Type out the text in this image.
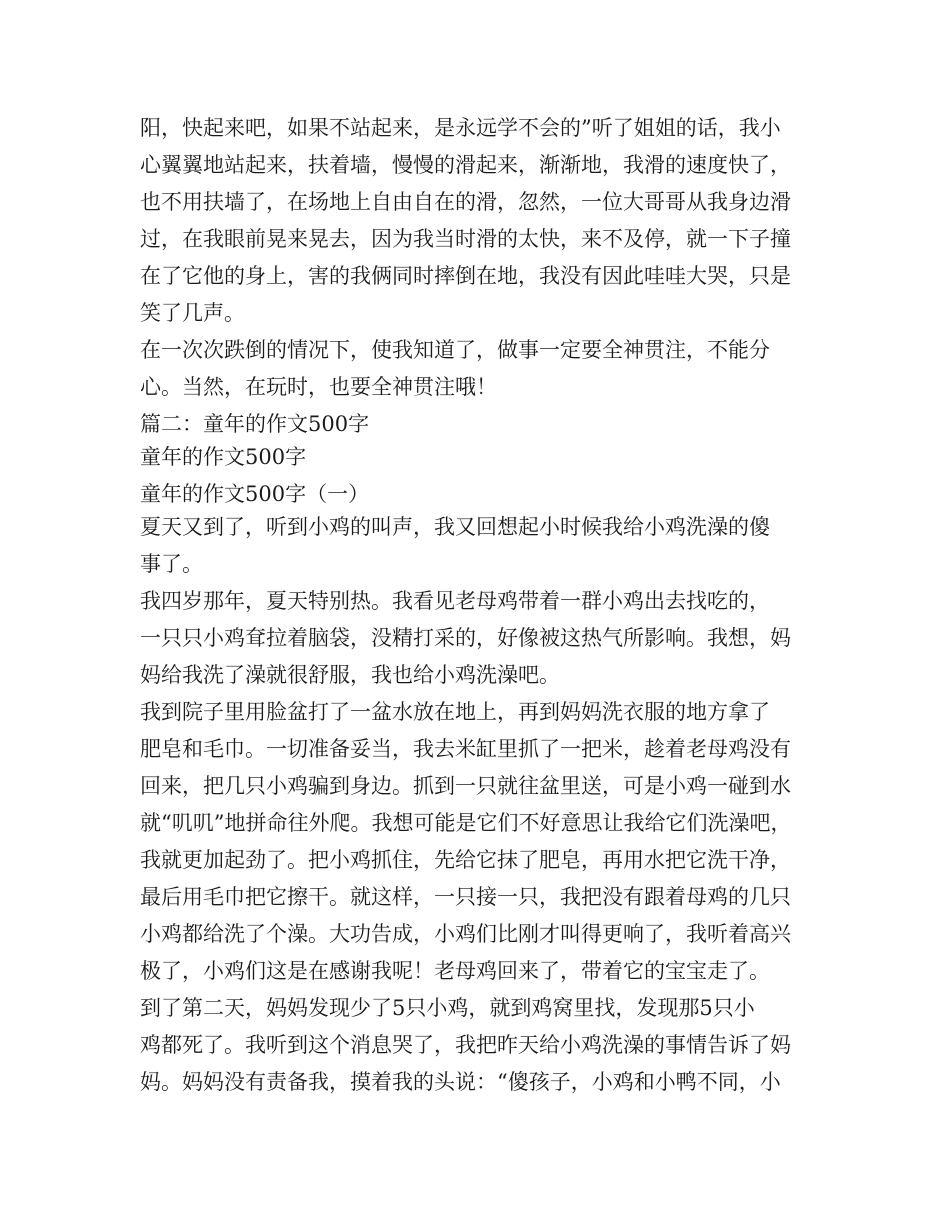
阳，快起来吧，如果不站起来，是永远学不会的”听了姐姐的话，我小
心翼翼地站起来，扶着墙，慢慢的滑起来，渐渐地，我滑的速度快了，
也不用扶墙了，在场地上自由自在的滑，忽然，一位大哥哥从我身边滑
过，在我眼前晃来晃去，因为我当时滑的太快，来不及停，就一下子撞
在了它他的身上，害的我俩同时摔倒在地，我没有因此哇哇大哭，只是
笑了几声。
在一次次跌倒的情况下，使我知道了，做事一定要全神贯注，不能分
心。当然，在玩时，也要全神贯注哦！
篇二：童年的作文500字
童年的作文500字
童年的作文500字（一）
夏天又到了，听到小鸡的叫声，我又回想起小时候我给小鸡洗澡的傻
事了。
我四岁那年，夏天特别热。我看见老母鸡带着一群小鸡出去找吃的，
一只只小鸡耷拉着脑袋，没精打采的，好像被这热气所影响。我想，妈
妈给我洗了澡就很舒服，我也给小鸡洗澡吧。
我到院子里用脸盆打了一盆水放在地上，再到妈妈洗衣服的地方拿了
肥皂和毛巾。一切准备妥当，我去米缸里抓了一把米，趁着老母鸡没有
回来，把几只小鸡骗到身边。抓到一只就往盆里送，可是小鸡一碰到水
就“叽叽”地拼命往外爬。我想可能是它们不好意思让我给它们洗澡吧，
我就更加起劲了。把小鸡抓住，先给它抹了肥皂，再用水把它洗干净，
最后用毛巾把它擦干。就这样，一只接一只，我把没有跟着母鸡的几只
小鸡都给洗了个澡。大功告成，小鸡们比刚才叫得更响了，我听着高兴
极了，小鸡们这是在感谢我呢！老母鸡回来了，带着它的宝宝走了。
到了第二天，妈妈发现少了5只小鸡，就到鸡窝里找，发现那5只小
鸡都死了。我听到这个消息哭了，我把昨天给小鸡洗澡的事情告诉了妈
妈。妈妈没有责备我，摸着我的头说：“傻孩子，小鸡和小鸭不同，小
